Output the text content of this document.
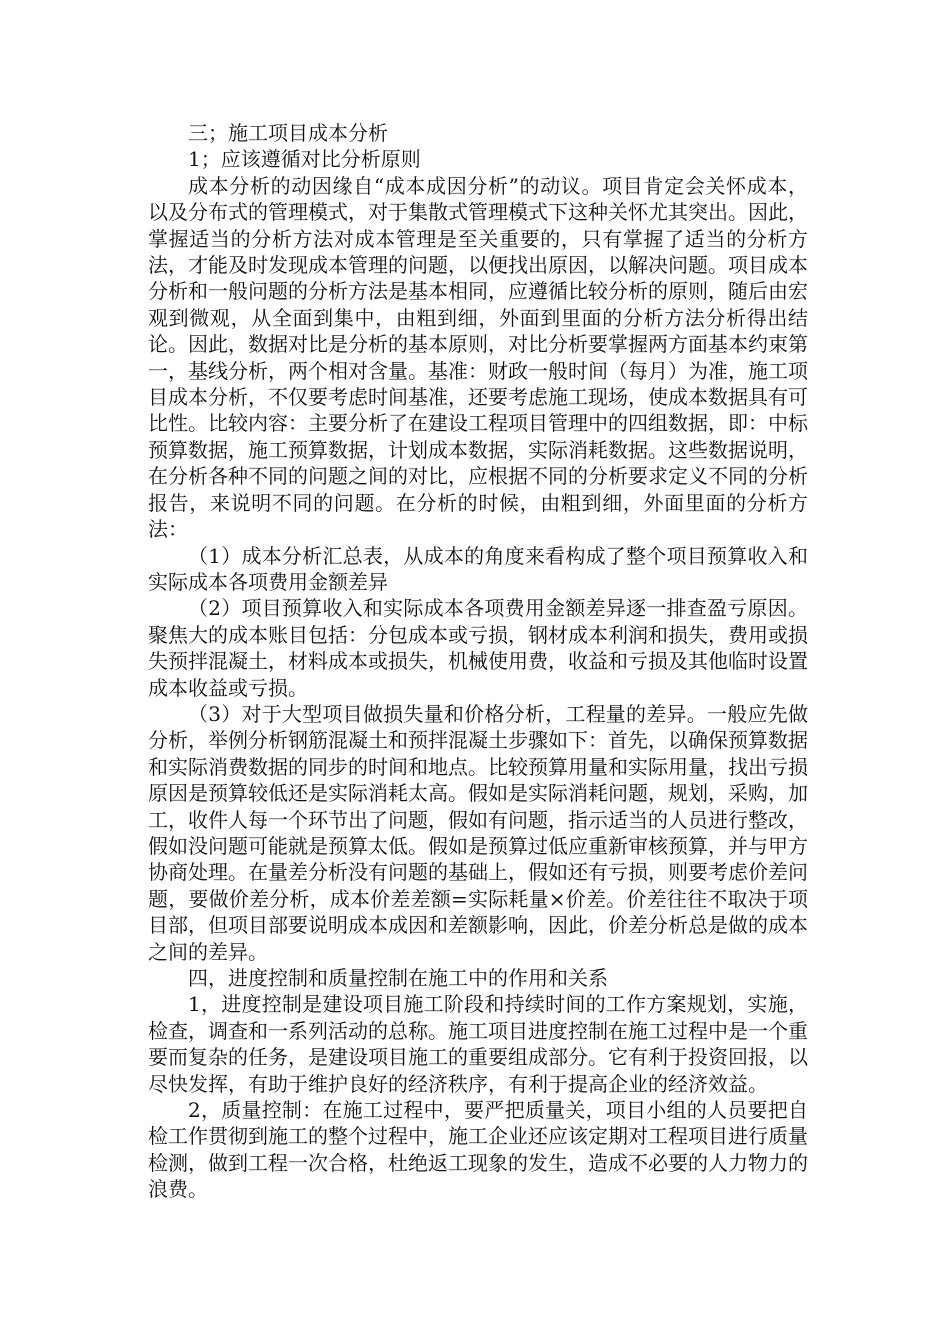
三；施工项目成本分析

1；应该遵循对比分析原则

成本分析的动因缘自“成本成因分析”的动议。项目肯定会关怀成本，以及分布式的管理模式，对于集散式管理模式下这种关怀尤其突出。因此，掌握适当的分析方法对成本管理是至关重要的，只有掌握了适当的分析方法，才能及时发现成本管理的问题，以便找出原因，以解决问题。项目成本分析和一般问题的分析方法是基本相同，应遵循比较分析的原则，随后由宏观到微观，从全面到集中，由粗到细，外面到里面的分析方法分析得出结论。因此，数据对比是分析的基本原则，对比分析要掌握两方面基本约束第一，基线分析，两个相对含量。基准：财政一般时间（每月）为准，施工项目成本分析，不仅要考虑时间基准，还要考虑施工现场，使成本数据具有可比性。比较内容：主要分析了在建设工程项目管理中的四组数据，即：中标预算数据，施工预算数据，计划成本数据，实际消耗数据。这些数据说明，在分析各种不同的问题之间的对比，应根据不同的分析要求定义不同的分析报告，来说明不同的问题。在分析的时候，由粗到细，外面里面的分析方法：

（1）成本分析汇总表，从成本的角度来看构成了整个项目预算收入和实际成本各项费用金额差异

（2）项目预算收入和实际成本各项费用金额差异逐一排查盈亏原因。聚焦大的成本账目包括：分包成本或亏损，钢材成本利润和损失，费用或损失预拌混凝土，材料成本或损失，机械使用费，收益和亏损及其他临时设置成本收益或亏损。

（3）对于大型项目做损失量和价格分析，工程量的差异。一般应先做分析，举例分析钢筋混凝土和预拌混凝土步骤如下：首先，以确保预算数据和实际消费数据的同步的时间和地点。比较预算用量和实际用量，找出亏损原因是预算较低还是实际消耗太高。假如是实际消耗问题，规划，采购，加工，收件人每一个环节出了问题，假如有问题，指示适当的人员进行整改，假如没问题可能就是预算太低。假如是预算过低应重新审核预算，并与甲方协商处理。在量差分析没有问题的基础上，假如还有亏损，则要考虑价差问题，要做价差分析，成本价差差额=实际耗量×价差。价差往往不取决于项目部，但项目部要说明成本成因和差额影响，因此，价差分析总是做的成本之间的差异。

四，进度控制和质量控制在施工中的作用和关系

1，进度控制是建设项目施工阶段和持续时间的工作方案规划，实施，检查，调查和一系列活动的总称。施工项目进度控制在施工过程中是一个重要而复杂的任务，是建设项目施工的重要组成部分。它有利于投资回报，以尽快发挥，有助于维护良好的经济秩序，有利于提高企业的经济效益。

2，质量控制：在施工过程中，要严把质量关，项目小组的人员要把自检工作贯彻到施工的整个过程中，施工企业还应该定期对工程项目进行质量检测，做到工程一次合格，杜绝返工现象的发生，造成不必要的人力物力的浪费。
